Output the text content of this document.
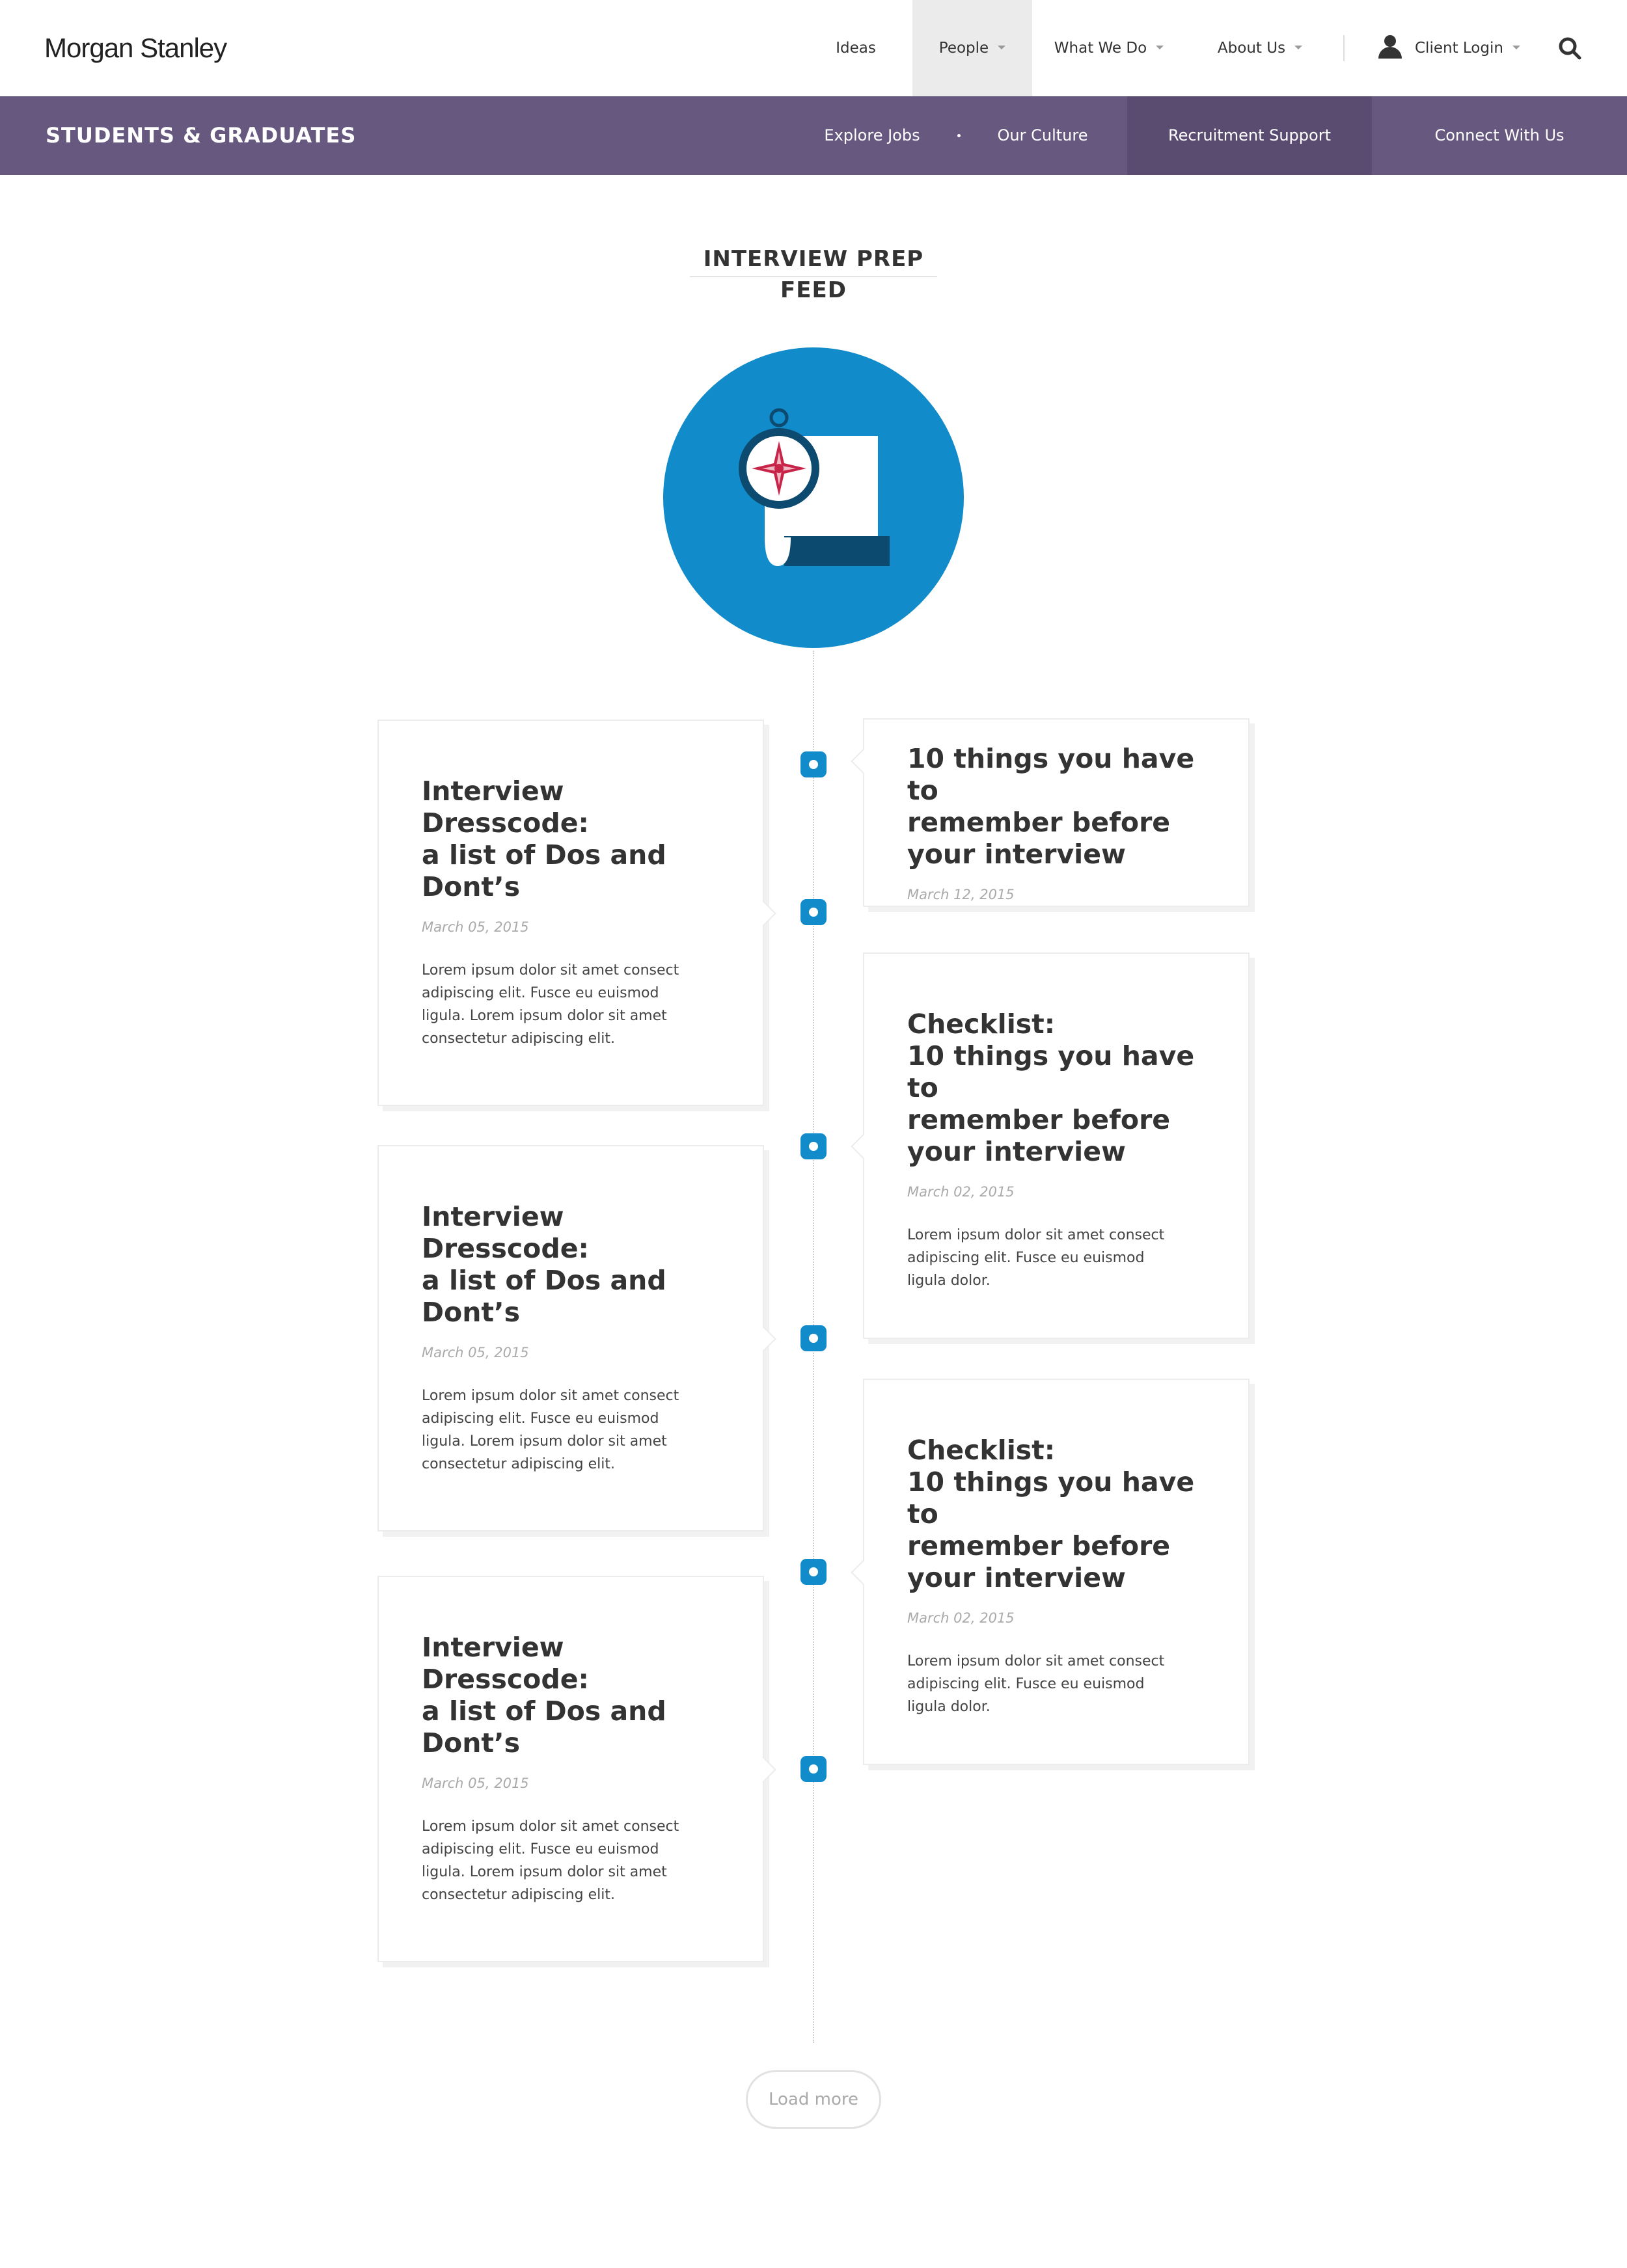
Morgan Stanley	Ideas	People	What We Do	About Us	Client Login
STUDENTS & GRADUATES	Explore Jobs	Our Culture	Recruitment Support	Connect With Us
INTERVIEW PREP FEED
Interview Dresscode:
a list of Dos and
Dont’s
March 05, 2015
Lorem ipsum dolor sit amet consect
adipiscing elit. Fusce eu euismod
ligula. Lorem ipsum dolor sit amet
consectetur adipiscing elit.
10 things you have to
remember before
your interview
March 12, 2015
Checklist:
10 things you have to
remember before
your interview
March 02, 2015
Lorem ipsum dolor sit amet consect
adipiscing elit. Fusce eu euismod
ligula dolor.
Interview Dresscode:
a list of Dos and
Dont’s
March 05, 2015
Lorem ipsum dolor sit amet consect
adipiscing elit. Fusce eu euismod
ligula. Lorem ipsum dolor sit amet
consectetur adipiscing elit.	Checklist:
10 things you have to
remember before
your interview
March 02, 2015
Lorem ipsum dolor sit amet consect
adipiscing elit. Fusce eu euismod
ligula dolor.
Interview Dresscode:
a list of Dos and
Dont’s
March 05, 2015
Lorem ipsum dolor sit amet consect
adipiscing elit. Fusce eu euismod
ligula. Lorem ipsum dolor sit amet
consectetur adipiscing elit.
Load more
